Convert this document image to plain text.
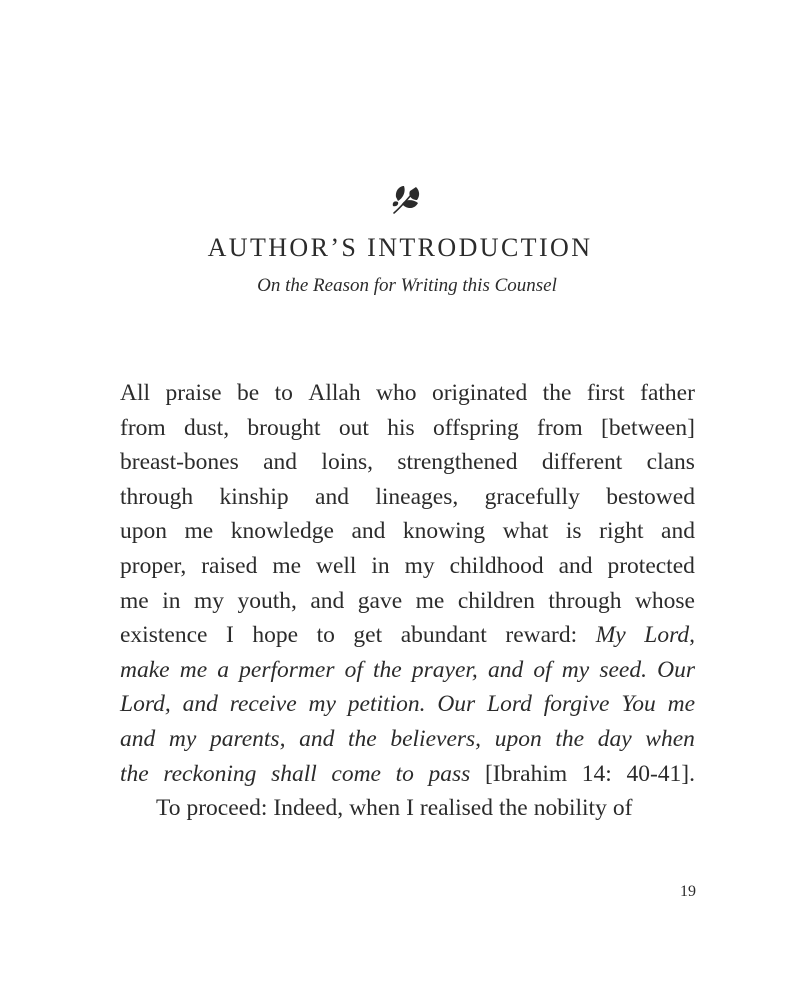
AUTHOR’S INTRODUCTION

On the Reason for Writing this Counsel

All praise be to Allah who originated the first father
from dust, brought out his offspring from [between]
breast-bones and loins, strengthened different clans
through kinship and lineages, gracefully bestowed
upon me knowledge and knowing what is right and
proper, raised me well in my childhood and protected
me in my youth, and gave me children through whose
existence I hope to get abundant reward: My Lord,
make me a performer of the prayer, and of my seed. Our
Lord, and receive my petition. Our Lord forgive You me
and my parents, and the believers, upon the day when
the reckoning shall come to pass [Ibrahim 14: 40-41].
To proceed: Indeed, when I realised the nobility of
19
